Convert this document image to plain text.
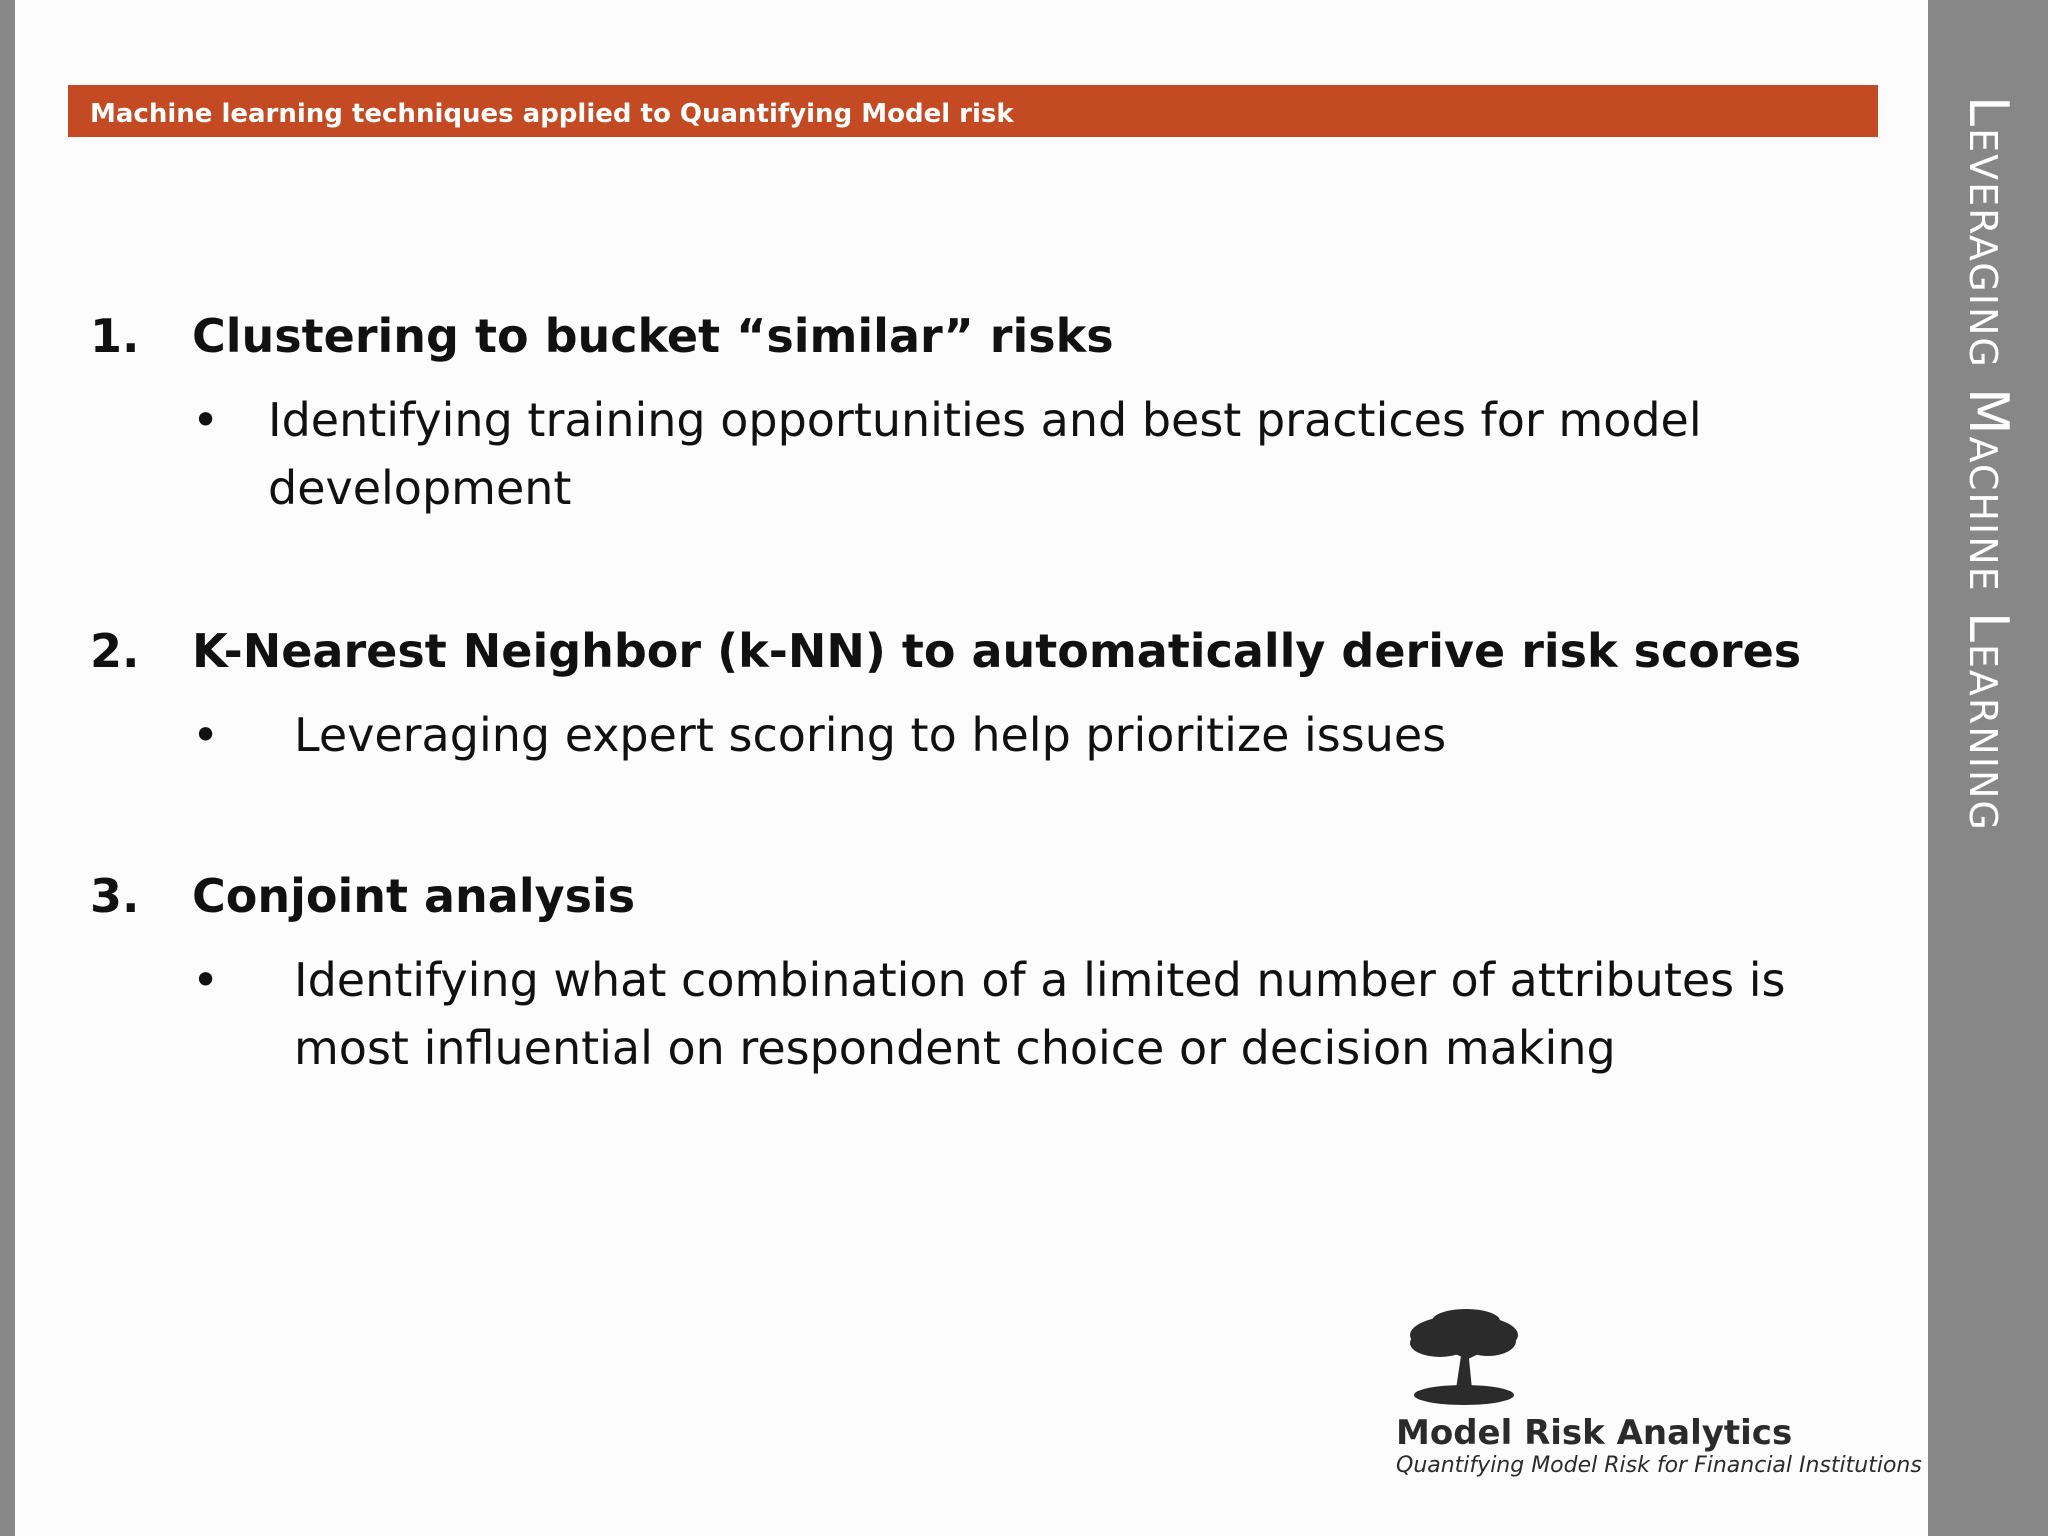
Leveraging Machine Learning
Machine learning techniques applied to Quantifying Model risk
1.	Clustering to bucket “similar” risks
•	Identifying training opportunities and best practices for model development
2.	K-Nearest Neighbor (k-NN) to automatically derive risk scores
•	Leveraging expert scoring to help prioritize issues
3.	Conjoint analysis
•	Identifying what combination of a limited number of attributes is most influential on respondent choice or decision making
Model Risk Analytics
Quantifying Model Risk for Financial Institutions
